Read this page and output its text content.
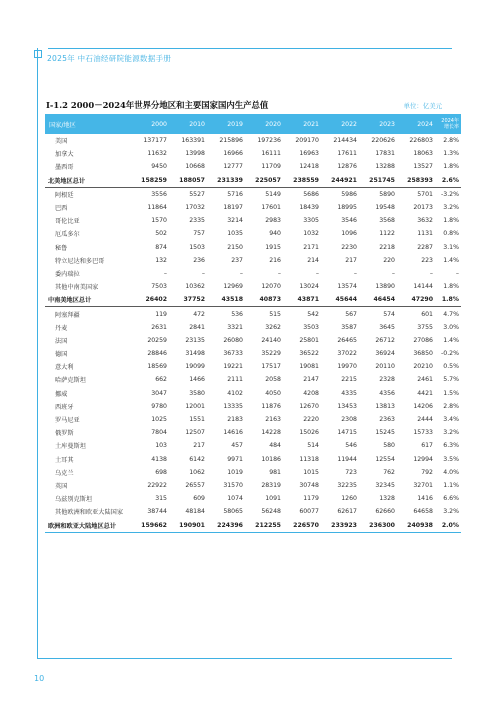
2025年 中石油经研院能源数据手册
I-1.2 2000－2024年世界分地区和主要国家国内生产总值	单位：亿美元
国家/地区	2000	2010	2019	2020	2021	2022	2023	2024	2024年增长率
美国	137177	163391	215896	197236	209170	214434	220626	226803	2.8%
加拿大	11632	13998	16966	16111	16963	17611	17831	18063	1.3%
墨西哥	9450	10668	12777	11709	12418	12876	13288	13527	1.8%
北美地区总计	158259	188057	231339	225057	238559	244921	251745	258393	2.6%
阿根廷	3556	5527	5716	5149	5686	5986	5890	5701	-3.2%
巴西	11864	17032	18197	17601	18439	18995	19548	20173	3.2%
哥伦比亚	1570	2335	3214	2983	3305	3546	3568	3632	1.8%
厄瓜多尔	502	757	1035	940	1032	1096	1122	1131	0.8%
秘鲁	874	1503	2150	1915	2171	2230	2218	2287	3.1%
特立尼达和多巴哥	132	236	237	216	214	217	220	223	1.4%
委内瑞拉	–	–	–	–	–	–	–	–	–
其他中南美国家	7503	10362	12969	12070	13024	13574	13890	14144	1.8%
中南美地区总计	26402	37752	43518	40873	43871	45644	46454	47290	1.8%
阿塞拜疆	119	472	536	515	542	567	574	601	4.7%
丹麦	2631	2841	3321	3262	3503	3587	3645	3755	3.0%
法国	20259	23135	26080	24140	25801	26465	26712	27086	1.4%
德国	28846	31498	36733	35229	36522	37022	36924	36850	-0.2%
意大利	18569	19099	19221	17517	19081	19970	20110	20210	0.5%
哈萨克斯坦	662	1466	2111	2058	2147	2215	2328	2461	5.7%
挪威	3047	3580	4102	4050	4208	4335	4356	4421	1.5%
西班牙	9780	12001	13335	11876	12670	13453	13813	14206	2.8%
罗马尼亚	1025	1551	2183	2163	2220	2308	2363	2444	3.4%
俄罗斯	7804	12507	14616	14228	15026	14715	15245	15733	3.2%
土库曼斯坦	103	217	457	484	514	546	580	617	6.3%
土耳其	4138	6142	9971	10186	11318	11944	12554	12994	3.5%
乌克兰	698	1062	1019	981	1015	723	762	792	4.0%
英国	22922	26557	31570	28319	30748	32235	32345	32701	1.1%
乌兹别克斯坦	315	609	1074	1091	1179	1260	1328	1416	6.6%
其他欧洲和欧亚大陆国家	38744	48184	58065	56248	60077	62617	62660	64658	3.2%
欧洲和欧亚大陆地区总计	159662	190901	224396	212255	226570	233923	236300	240938	2.0%
10
